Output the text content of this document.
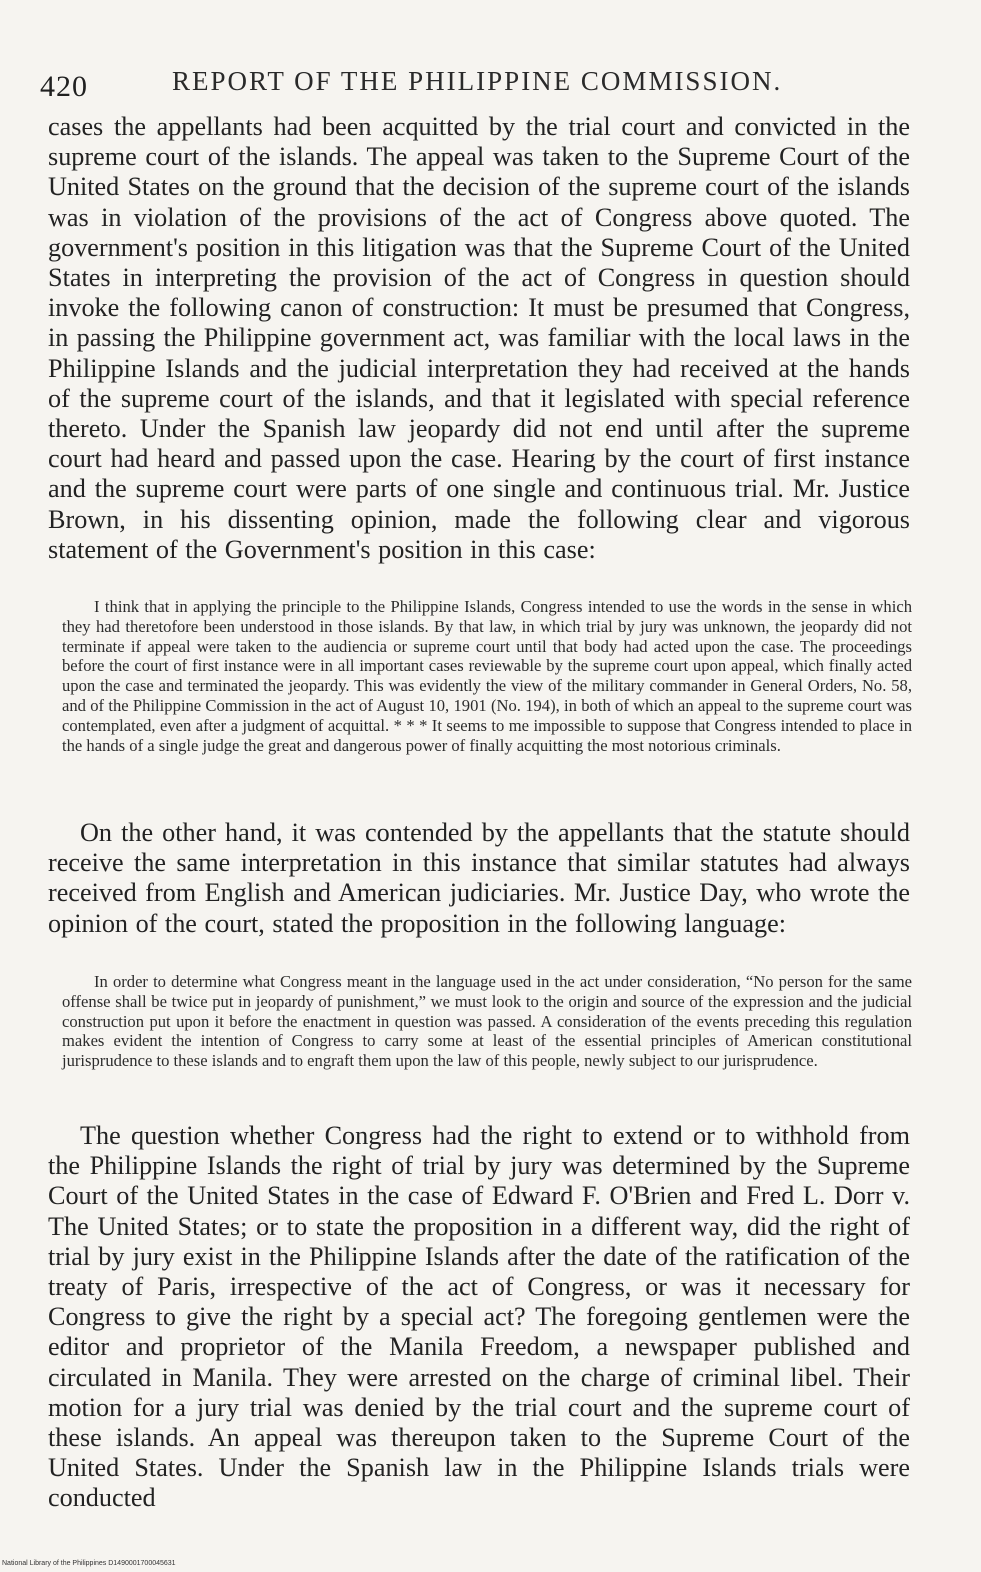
420	REPORT OF THE PHILIPPINE COMMISSION.

cases the appellants had been acquitted by the trial court and convicted in the supreme court of the islands. The appeal was taken to the Supreme Court of the United States on the ground that the decision of the supreme court of the islands was in violation of the provisions of the act of Congress above quoted. The government's position in this litigation was that the Supreme Court of the United States in interpreting the provision of the act of Congress in question should invoke the following canon of construction: It must be presumed that Congress, in passing the Philippine government act, was familiar with the local laws in the Philippine Islands and the judicial interpretation they had received at the hands of the supreme court of the islands, and that it legislated with special reference thereto. Under the Spanish law jeopardy did not end until after the supreme court had heard and passed upon the case. Hearing by the court of first instance and the supreme court were parts of one single and continuous trial. Mr. Justice Brown, in his dissenting opinion, made the following clear and vigorous statement of the Government's position in this case:

I think that in applying the principle to the Philippine Islands, Congress intended to use the words in the sense in which they had theretofore been understood in those islands. By that law, in which trial by jury was unknown, the jeopardy did not terminate if appeal were taken to the audiencia or supreme court until that body had acted upon the case. The proceedings before the court of first instance were in all important cases reviewable by the supreme court upon appeal, which finally acted upon the case and terminated the jeopardy. This was evidently the view of the military commander in General Orders, No. 58, and of the Philippine Commission in the act of August 10, 1901 (No. 194), in both of which an appeal to the supreme court was contemplated, even after a judgment of acquittal. * * * It seems to me impossible to suppose that Congress intended to place in the hands of a single judge the great and dangerous power of finally acquitting the most notorious criminals.

On the other hand, it was contended by the appellants that the statute should receive the same interpretation in this instance that similar statutes had always received from English and American judiciaries. Mr. Justice Day, who wrote the opinion of the court, stated the proposition in the following language:

In order to determine what Congress meant in the language used in the act under consideration, “No person for the same offense shall be twice put in jeopardy of punishment,” we must look to the origin and source of the expression and the judicial construction put upon it before the enactment in question was passed. A consideration of the events preceding this regulation makes evident the intention of Congress to carry some at least of the essential principles of American constitutional jurisprudence to these islands and to engraft them upon the law of this people, newly subject to our jurisprudence.

The question whether Congress had the right to extend or to withhold from the Philippine Islands the right of trial by jury was determined by the Supreme Court of the United States in the case of Edward F. O'Brien and Fred L. Dorr v. The United States; or to state the proposition in a different way, did the right of trial by jury exist in the Philippine Islands after the date of the ratification of the treaty of Paris, irrespective of the act of Congress, or was it necessary for Congress to give the right by a special act? The foregoing gentlemen were the editor and proprietor of the Manila Freedom, a newspaper published and circulated in Manila. They were arrested on the charge of criminal libel. Their motion for a jury trial was denied by the trial court and the supreme court of these islands. An appeal was thereupon taken to the Supreme Court of the United States. Under the Spanish law in the Philippine Islands trials were conducted

National Library of the Philippines D1490001700045631
